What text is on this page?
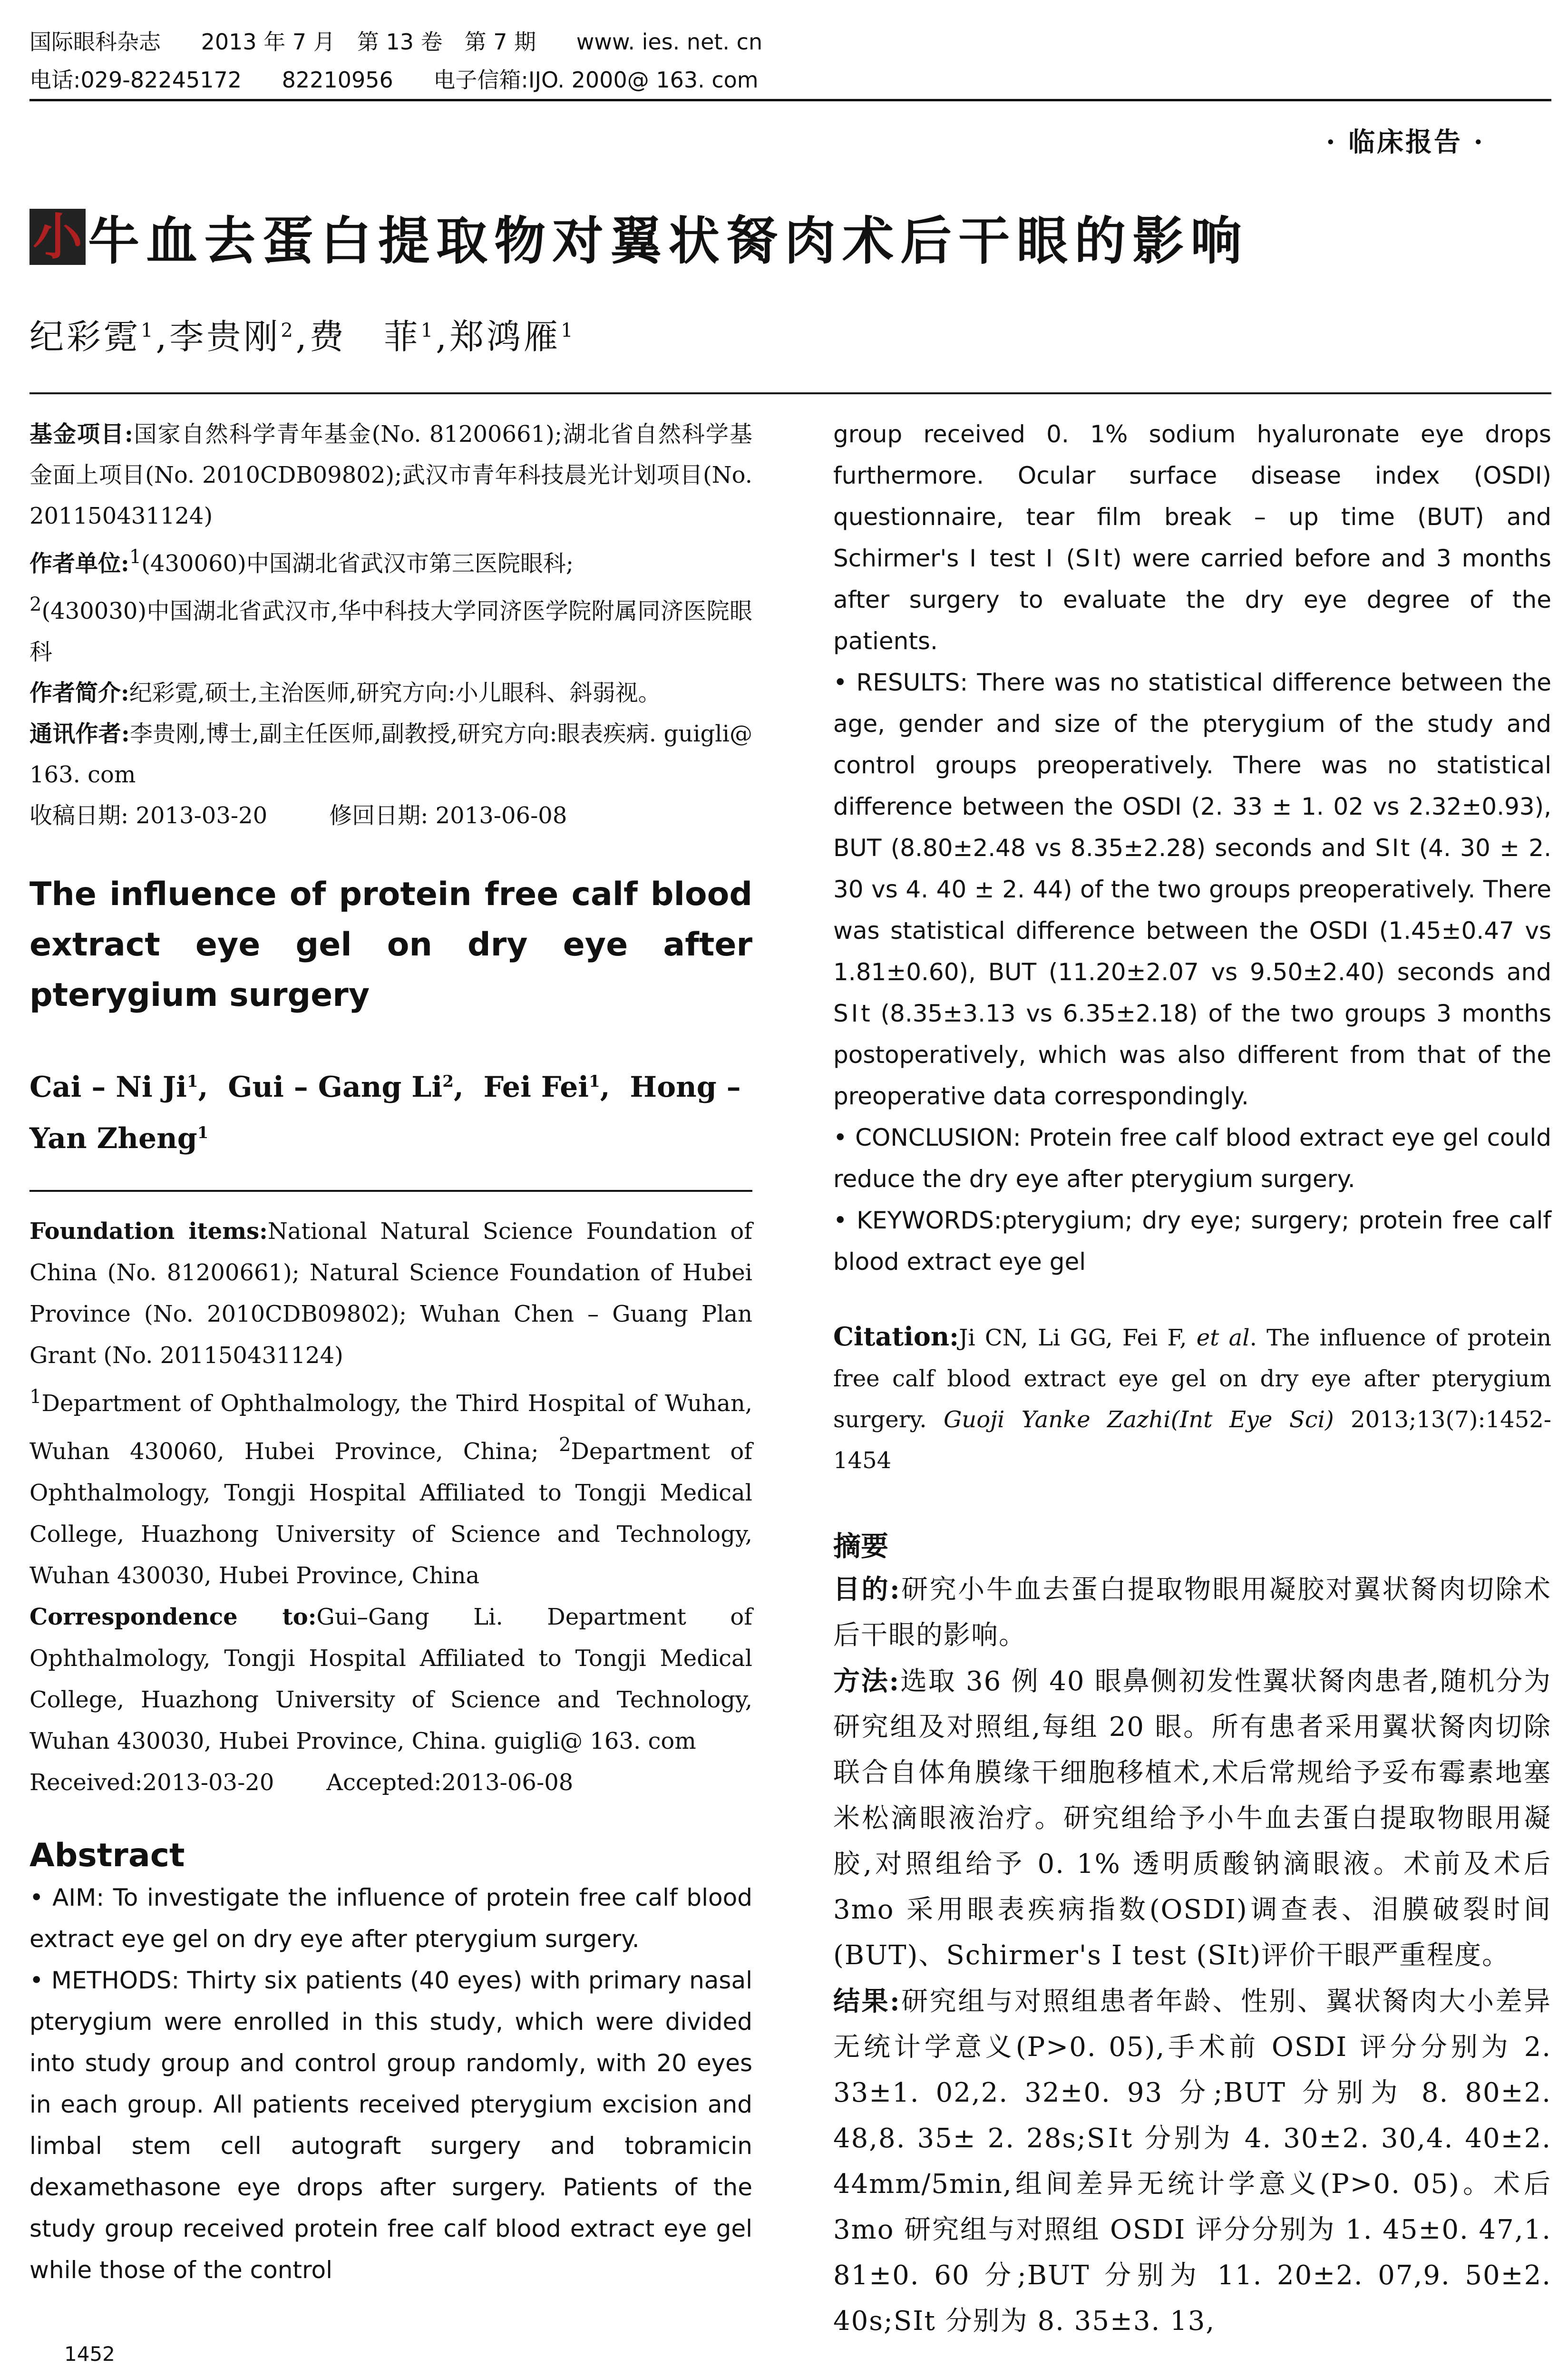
国际眼科杂志 2013 年 7 月　第 13 卷　第 7 期 www. ies. net. cn
电话:029-82245172 82210956 电子信箱:IJO. 2000@ 163. com
· 临床报告 ·
小 牛血去蛋白提取物对翼状胬肉术后干眼的影响
纪彩霓$^1$,李贵刚$^2$,费　菲$^1$,郑鸿雁$^1$

基金项目:国家自然科学青年基金(No. 81200661);湖北省自然科学基金面上项目(No. 2010CDB09802);武汉市青年科技晨光计划项目(No. 201150431124)

作者单位:$^1$(430060)中国湖北省武汉市第三医院眼科;
$^2$(430030)中国湖北省武汉市,华中科技大学同济医学院附属同济医院眼科

作者简介:纪彩霓,硕士,主治医师,研究方向:小儿眼科、斜弱视。

通讯作者:李贵刚,博士,副主任医师,副教授,研究方向:眼表疾病. guigli@ 163. com

收稿日期: 2013-03-20	修回日期: 2013-06-08

The influence of protein free calf blood extract eye gel on dry eye after pterygium surgery
Cai – Ni Ji$^1$,  Gui – Gang Li$^2$,  Fei Fei$^1$,  Hong – Yan Zheng$^1$

Foundation items:National Natural Science Foundation of China (No. 81200661); Natural Science Foundation of Hubei Province (No. 2010CDB09802); Wuhan Chen – Guang Plan Grant (No. 201150431124)

$^1$Department of Ophthalmology, the Third Hospital of Wuhan, Wuhan 430060, Hubei Province, China; $^2$Department of Ophthalmology, Tongji Hospital Affiliated to Tongji Medical College, Huazhong University of Science and Technology, Wuhan 430030, Hubei Province, China

Correspondence to:Gui–Gang Li. Department of Ophthalmology, Tongji Hospital Affiliated to Tongji Medical College, Huazhong University of Science and Technology, Wuhan 430030, Hubei Province, China. guigli@ 163. com

Received:2013-03-20 Accepted:2013-06-08

Abstract

• AIM: To investigate the influence of protein free calf blood extract eye gel on dry eye after pterygium surgery.

• METHODS: Thirty six patients (40 eyes) with primary nasal pterygium were enrolled in this study, which were divided into study group and control group randomly, with 20 eyes in each group. All patients received pterygium excision and limbal stem cell autograft surgery and tobramicin dexamethasone eye drops after surgery. Patients of the study group received protein free calf blood extract eye gel while those of the control

group received 0. 1% sodium hyaluronate eye drops furthermore. Ocular surface disease index (OSDI) questionnaire, tear film break – up time (BUT) and Schirmer's Ⅰ test Ⅰ (SⅠt) were carried before and 3 months after surgery to evaluate the dry eye degree of the patients.

• RESULTS: There was no statistical difference between the age, gender and size of the pterygium of the study and control groups preoperatively. There was no statistical difference between the OSDI (2. 33 ± 1. 02 vs 2.32±0.93), BUT (8.80±2.48 vs 8.35±2.28) seconds and SⅠt (4. 30 ± 2. 30 vs 4. 40 ± 2. 44) of the two groups preoperatively. There was statistical difference between the OSDI (1.45±0.47 vs 1.81±0.60), BUT (11.20±2.07 vs 9.50±2.40) seconds and SⅠt (8.35±3.13 vs 6.35±2.18) of the two groups 3 months postoperatively, which was also different from that of the preoperative data correspondingly.

• CONCLUSION: Protein free calf blood extract eye gel could reduce the dry eye after pterygium surgery.

• KEYWORDS:pterygium; dry eye; surgery; protein free calf blood extract eye gel

Citation:Ji CN, Li GG, Fei F, et al. The influence of protein free calf blood extract eye gel on dry eye after pterygium surgery. Guoji Yanke Zazhi(Int Eye Sci) 2013;13(7):1452-1454
摘要

目的:研究小牛血去蛋白提取物眼用凝胶对翼状胬肉切除术后干眼的影响。

方法:选取 36 例 40 眼鼻侧初发性翼状胬肉患者,随机分为研究组及对照组,每组 20 眼。所有患者采用翼状胬肉切除联合自体角膜缘干细胞移植术,术后常规给予妥布霉素地塞米松滴眼液治疗。研究组给予小牛血去蛋白提取物眼用凝胶,对照组给予 0. 1% 透明质酸钠滴眼液。术前及术后 3mo 采用眼表疾病指数(OSDI)调查表、泪膜破裂时间(BUT)、Schirmer's Ⅰ test (SⅠt)评价干眼严重程度。

结果:研究组与对照组患者年龄、性别、翼状胬肉大小差异无统计学意义(P>0. 05),手术前 OSDI 评分分别为 2. 33±1. 02,2. 32±0. 93 分;BUT 分别为 8. 80±2. 48,8. 35± 2. 28s;SⅠt 分别为 4. 30±2. 30,4. 40±2. 44mm/5min,组间差异无统计学意义(P>0. 05)。术后 3mo 研究组与对照组 OSDI 评分分别为 1. 45±0. 47,1. 81±0. 60 分;BUT 分别为 11. 20±2. 07,9. 50±2. 40s;SⅠt 分别为 8. 35±3. 13,

1452
